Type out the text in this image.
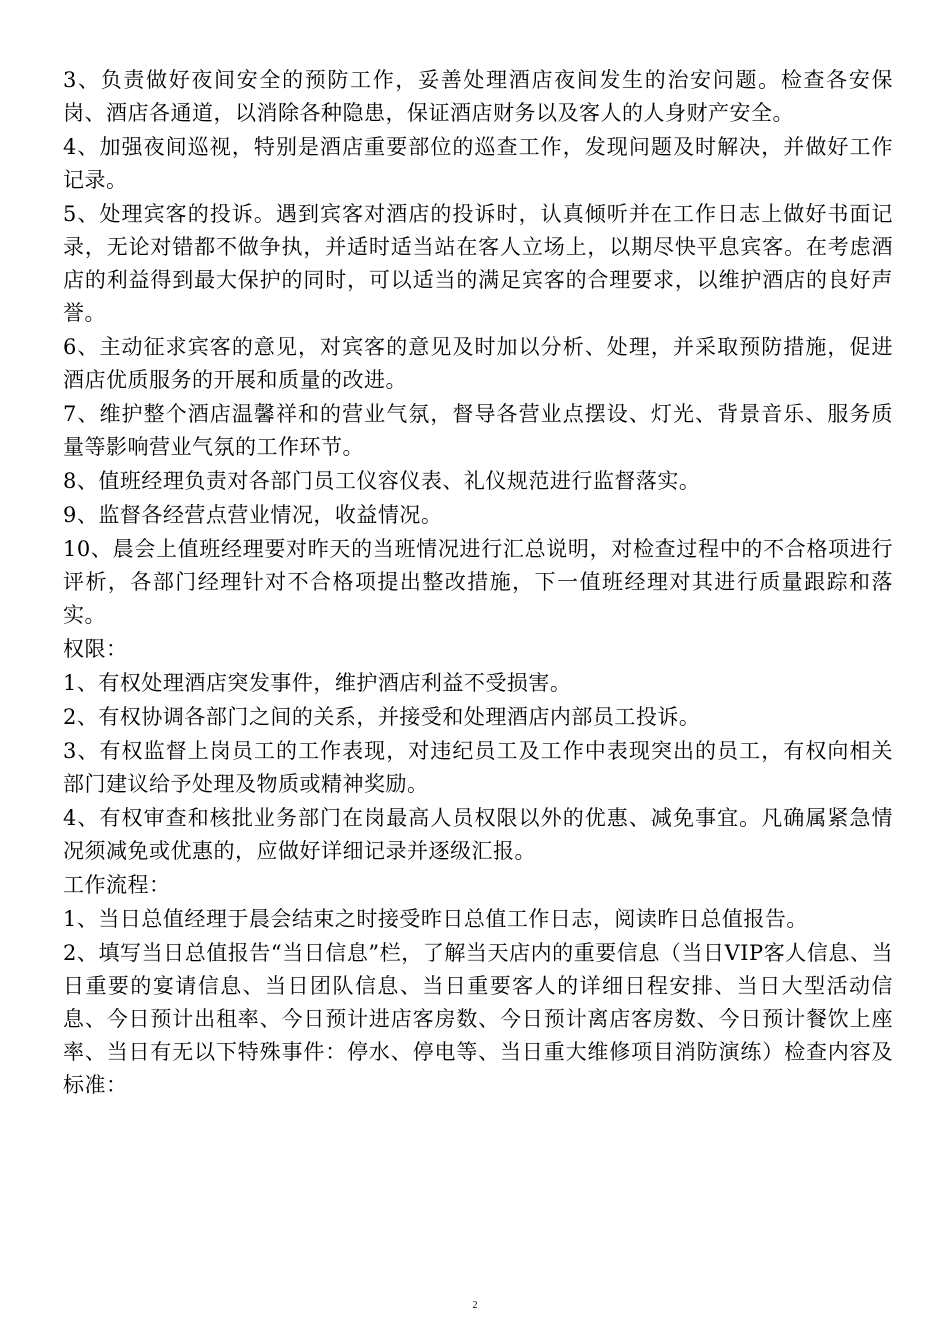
3、负责做好夜间安全的预防工作，妥善处理酒店夜间发生的治安问题。检查各安保岗、酒店各通道，以消除各种隐患，保证酒店财务以及客人的人身财产安全。

4、加强夜间巡视，特别是酒店重要部位的巡查工作，发现问题及时解决，并做好工作记录。

5、处理宾客的投诉。遇到宾客对酒店的投诉时，认真倾听并在工作日志上做好书面记录，无论对错都不做争执，并适时适当站在客人立场上，以期尽快平息宾客。在考虑酒店的利益得到最大保护的同时，可以适当的满足宾客的合理要求，以维护酒店的良好声誉。

6、主动征求宾客的意见，对宾客的意见及时加以分析、处理，并采取预防措施，促进酒店优质服务的开展和质量的改进。

7、维护整个酒店温馨祥和的营业气氛，督导各营业点摆设、灯光、背景音乐、服务质量等影响营业气氛的工作环节。

8、值班经理负责对各部门员工仪容仪表、礼仪规范进行监督落实。

9、监督各经营点营业情况，收益情况。

10、晨会上值班经理要对昨天的当班情况进行汇总说明，对检查过程中的不合格项进行评析，各部门经理针对不合格项提出整改措施，下一值班经理对其进行质量跟踪和落实。

权限：

1、有权处理酒店突发事件，维护酒店利益不受损害。

2、有权协调各部门之间的关系，并接受和处理酒店内部员工投诉。

3、有权监督上岗员工的工作表现，对违纪员工及工作中表现突出的员工，有权向相关部门建议给予处理及物质或精神奖励。

4、有权审查和核批业务部门在岗最高人员权限以外的优惠、减免事宜。凡确属紧急情况须减免或优惠的，应做好详细记录并逐级汇报。

工作流程：

1、当日总值经理于晨会结束之时接受昨日总值工作日志，阅读昨日总值报告。

2、填写当日总值报告“当日信息”栏，了解当天店内的重要信息（当日VIP客人信息、当日重要的宴请信息、当日团队信息、当日重要客人的详细日程安排、当日大型活动信息、今日预计出租率、今日预计进店客房数、今日预计离店客房数、今日预计餐饮上座率、当日有无以下特殊事件：停水、停电等、当日重大维修项目消防演练）检查内容及标准：

2
